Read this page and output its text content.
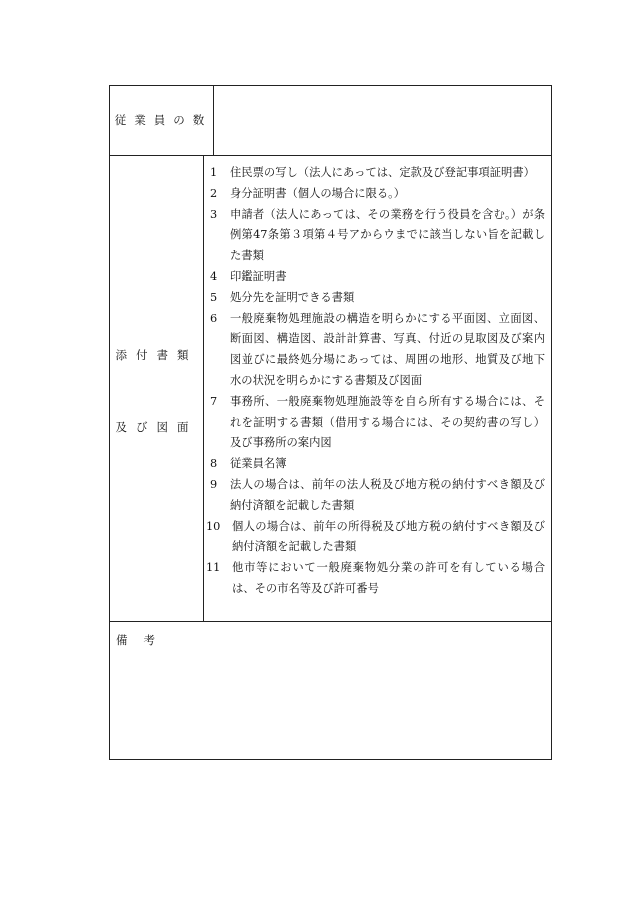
従業員の数
添付書類
及び図面
1	住民票の写し（法人にあっては、定款及び登記事項証明書）
2	身分証明書（個人の場合に限る。）
3	申請者（法人にあっては、その業務を行う役員を含む。）が条例第47条第３項第４号アからウまでに該当しない旨を記載した書類
4	印鑑証明書
5	処分先を証明できる書類
6	一般廃棄物処理施設の構造を明らかにする平面図、立面図、断面図、構造図、設計計算書、写真、付近の見取図及び案内図並びに最終処分場にあっては、周囲の地形、地質及び地下水の状況を明らかにする書類及び図面
7	事務所、一般廃棄物処理施設等を自ら所有する場合には、それを証明する書類（借用する場合には、その契約書の写し）及び事務所の案内図
8	従業員名簿
9	法人の場合は、前年の法人税及び地方税の納付すべき額及び納付済額を記載した書類
10	個人の場合は、前年の所得税及び地方税の納付すべき額及び納付済額を記載した書類
11	他市等において一般廃棄物処分業の許可を有している場合は、その市名等及び許可番号
備考
